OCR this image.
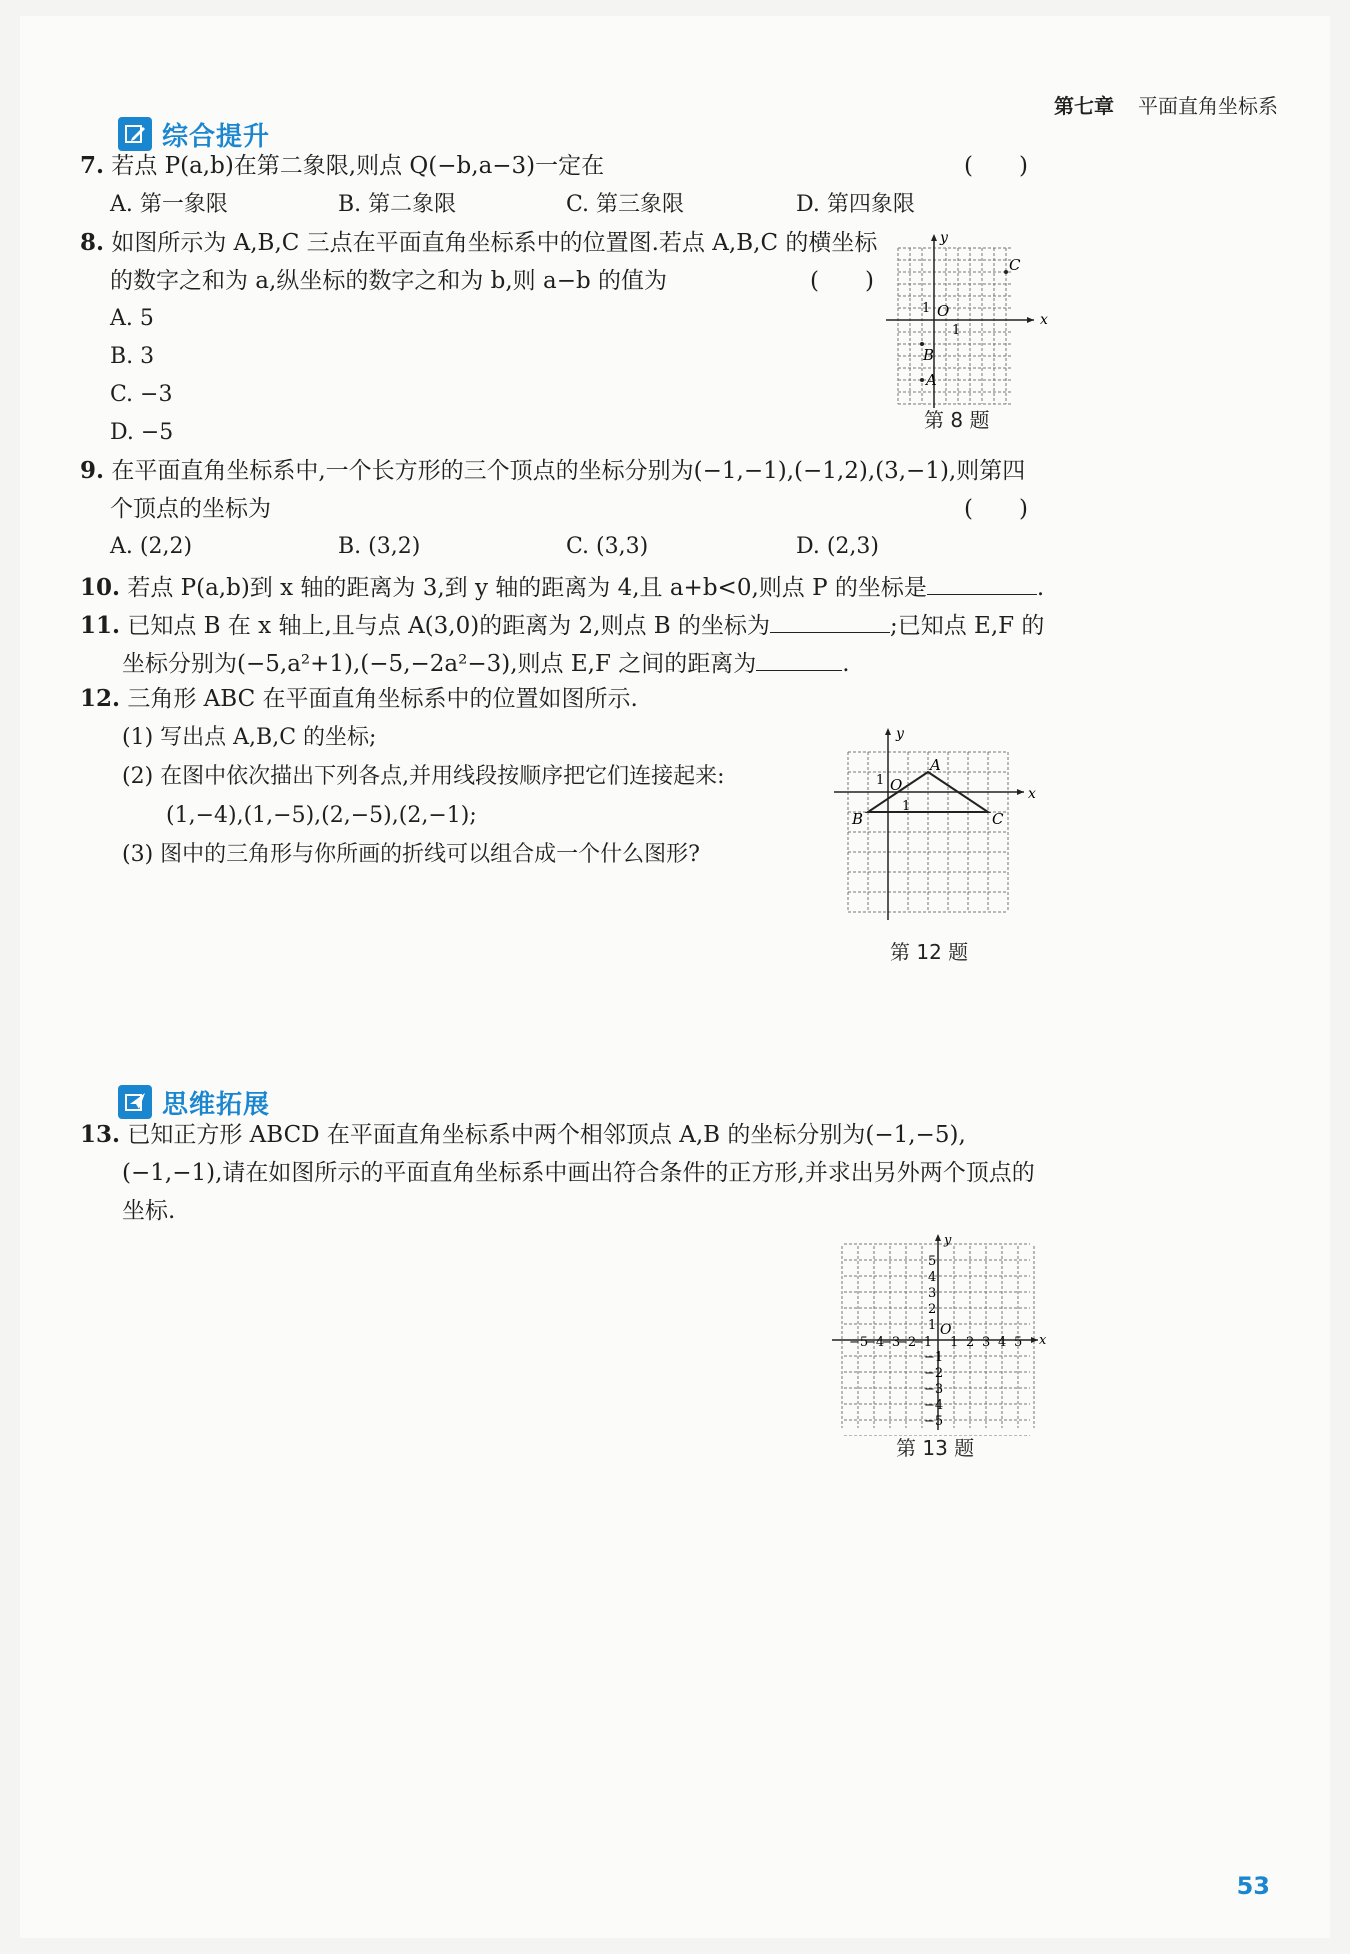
第七章 平面直角坐标系
综合提升
7. 若点 P(a,b)在第二象限,则点 Q(−b,a−3)一定在	(　　)
A. 第一象限	B. 第二象限	C. 第三象限	D. 第四象限
8. 如图所示为 A,B,C 三点在平面直角坐标系中的位置图.若点 A,B,C 的横坐标
的数字之和为 a,纵坐标的数字之和为 b,则 a−b 的值为	(　　)
A. 5
B. 3
C. −3
D. −5
x
y
O
1
1
C
B
A
第 8 题
9. 在平面直角坐标系中,一个长方形的三个顶点的坐标分别为(−1,−1),(−1,2),(3,−1),则第四
个顶点的坐标为	(　　)
A. (2,2)	B. (3,2)	C. (3,3)	D. (2,3)
10. 若点 P(a,b)到 x 轴的距离为 3,到 y 轴的距离为 4,且 a+b<0,则点 P 的坐标是	.
11. 已知点 B 在 x 轴上,且与点 A(3,0)的距离为 2,则点 B 的坐标为	;已知点 E,F 的
坐标分别为(−5,a²+1),(−5,−2a²−3),则点 E,F 之间的距离为	.
12. 三角形 ABC 在平面直角坐标系中的位置如图所示.
(1) 写出点 A,B,C 的坐标;
(2) 在图中依次描出下列各点,并用线段按顺序把它们连接起来:
(1,−4),(1,−5),(2,−5),(2,−1);
(3) 图中的三角形与你所画的折线可以组合成一个什么图形?
x
y
O
1
1
A
B	C
第 12 题
思维拓展
13. 已知正方形 ABCD 在平面直角坐标系中两个相邻顶点 A,B 的坐标分别为(−1,−5),
(−1,−1),请在如图所示的平面直角坐标系中画出符合条件的正方形,并求出另外两个顶点的
坐标.
x
y
O
−5
−4
−3
−2
−1 1 2 3 4 5
5
4
3
2
1
−1
−2
−3
−4
−5
第 13 题
53
